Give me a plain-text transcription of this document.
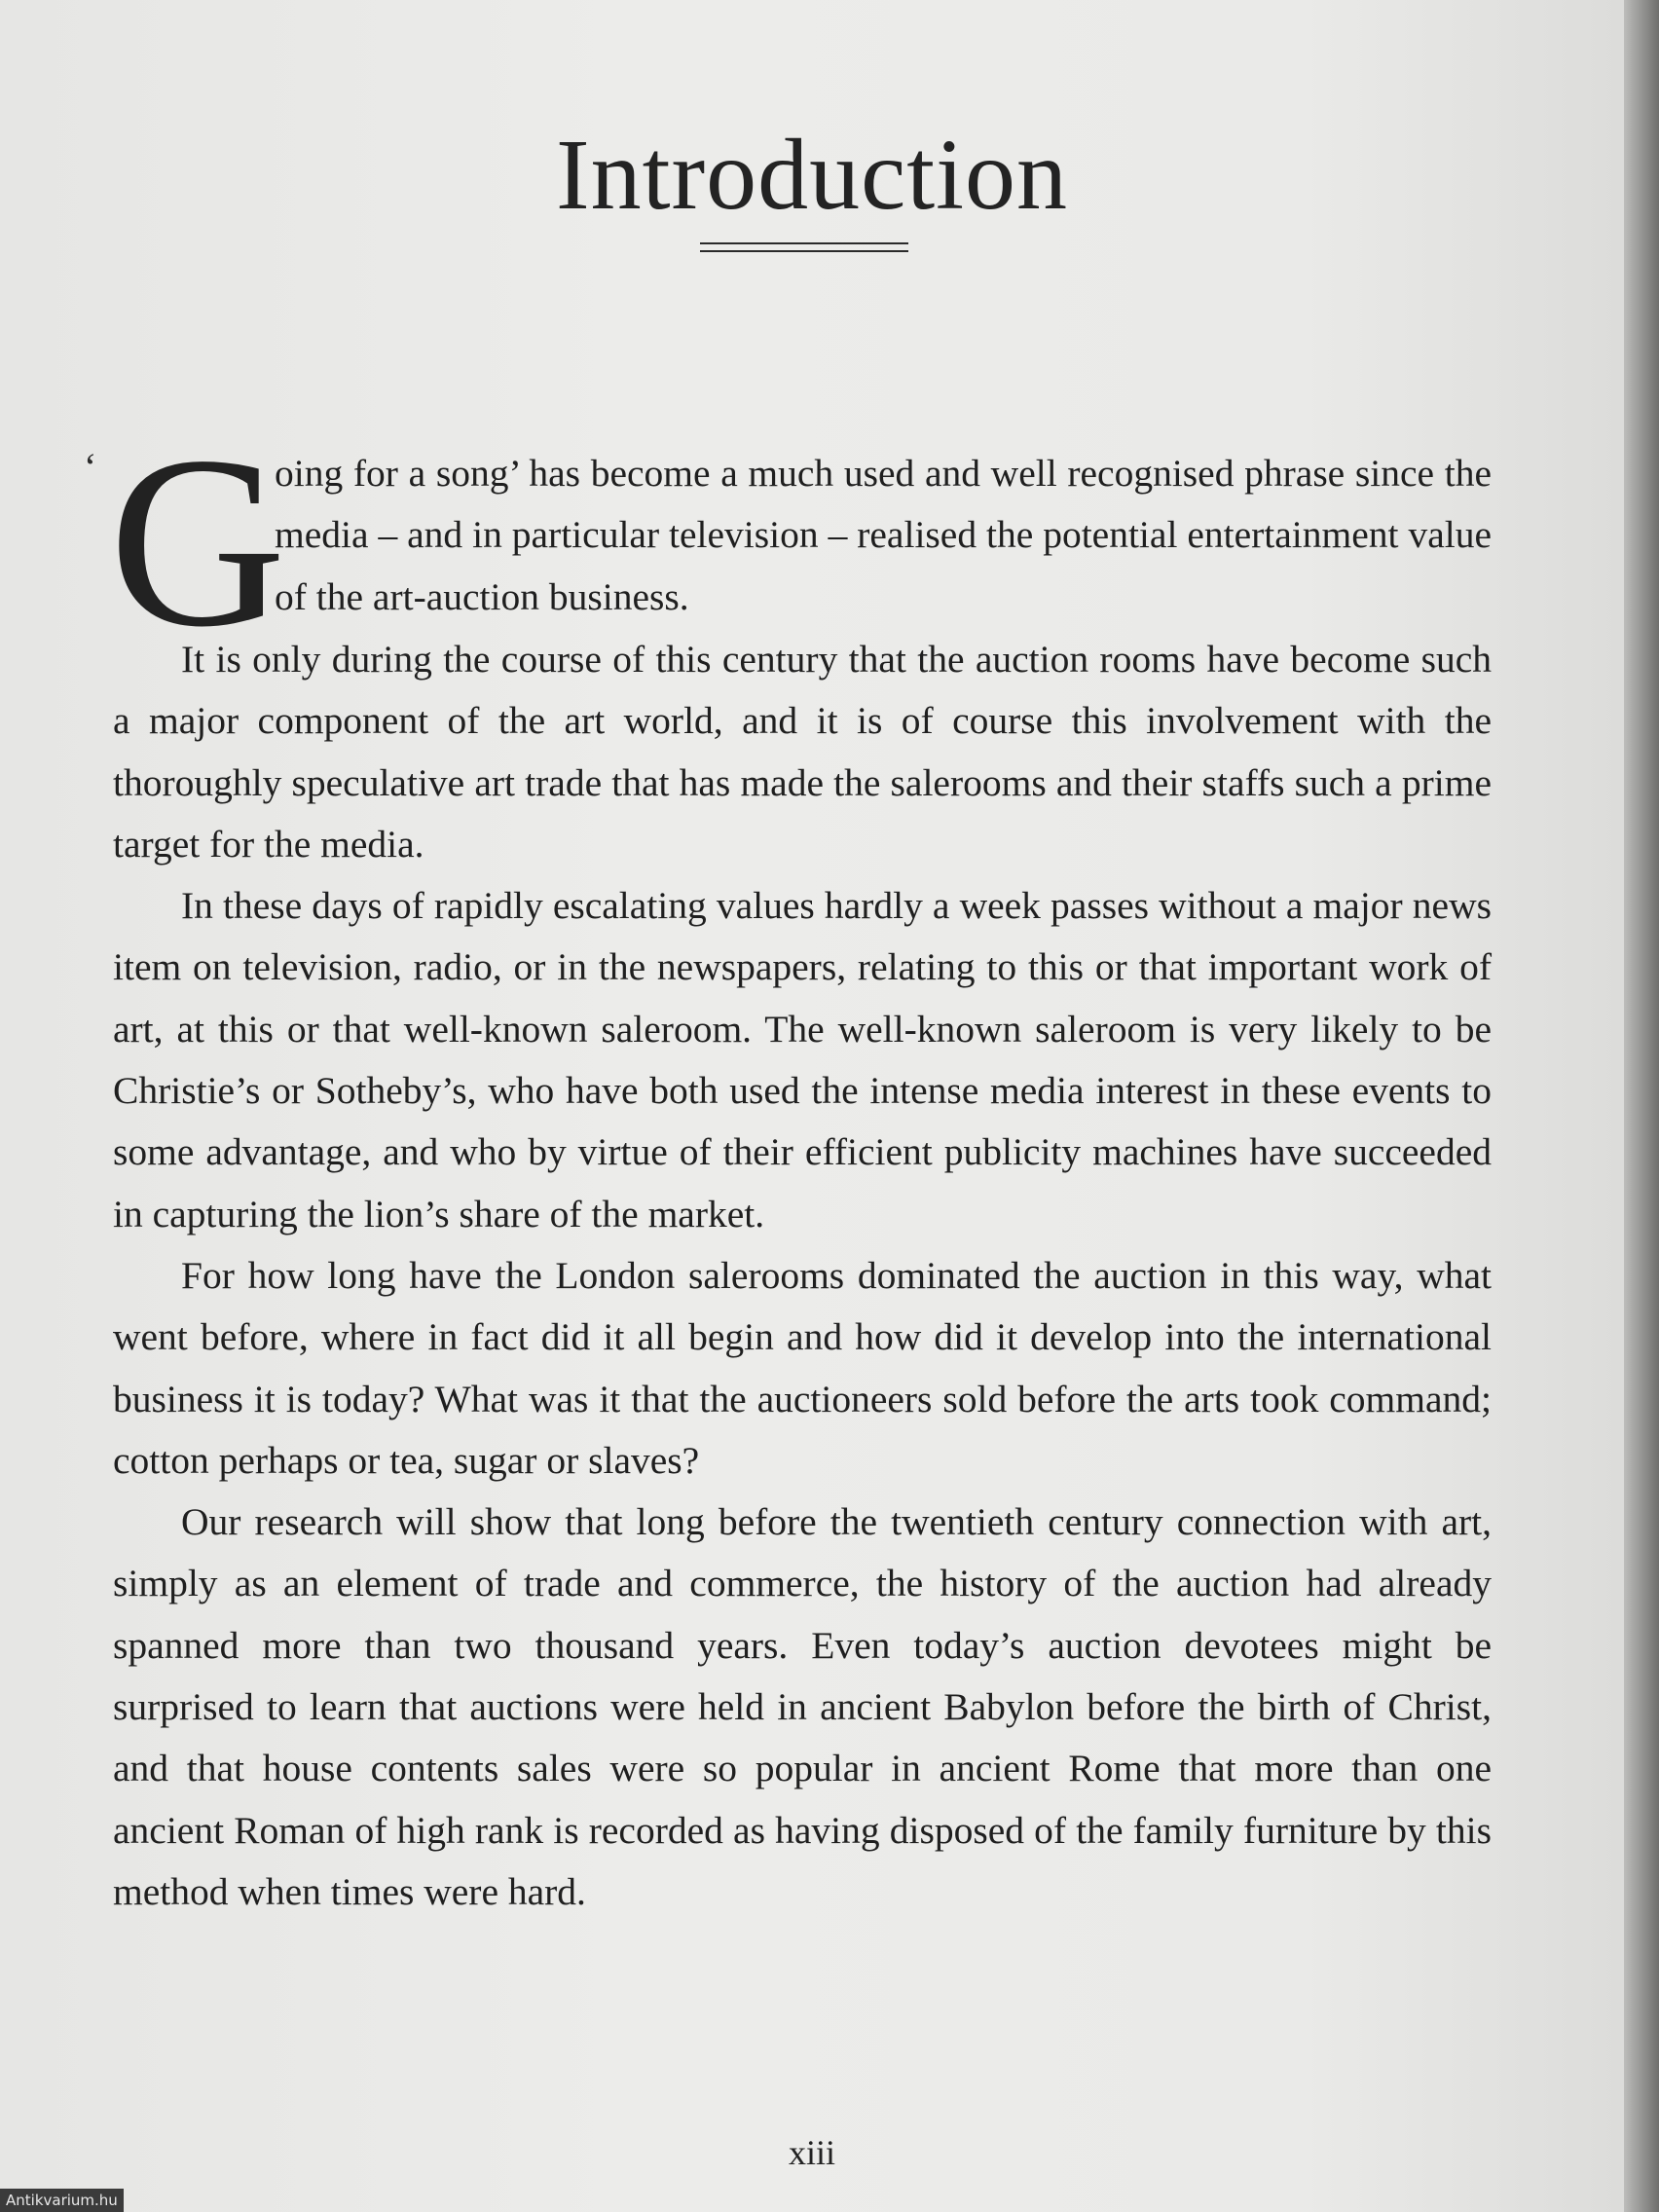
Introduction
‘ G

oing for a song’ has become a much used and well recognised phrase since the media – and in particular television – realised the potential entertainment value of the art-auction business.

It is only during the course of this century that the auction rooms have become such a major component of the art world, and it is of course this involvement with the thoroughly speculative art trade that has made the salerooms and their staffs such a prime target for the media.

In these days of rapidly escalating values hardly a week passes without a major news item on television, radio, or in the newspapers, relating to this or that important work of art, at this or that well-known saleroom. The well-known saleroom is very likely to be Christie’s or Sotheby’s, who have both used the intense media interest in these events to some advantage, and who by virtue of their efficient publicity machines have succeeded in capturing the lion’s share of the market.

For how long have the London salerooms dominated the auction in this way, what went before, where in fact did it all begin and how did it develop into the international business it is today? What was it that the auctioneers sold before the arts took command; cotton perhaps or tea, sugar or slaves?

Our research will show that long before the twentieth century connection with art, simply as an element of trade and commerce, the history of the auction had already spanned more than two thousand years. Even today’s auction devotees might be surprised to learn that auctions were held in ancient Babylon before the birth of Christ, and that house contents sales were so popular in ancient Rome that more than one ancient Roman of high rank is recorded as having disposed of the family furniture by this method when times were hard.

xiii
Antikvarium.hu
